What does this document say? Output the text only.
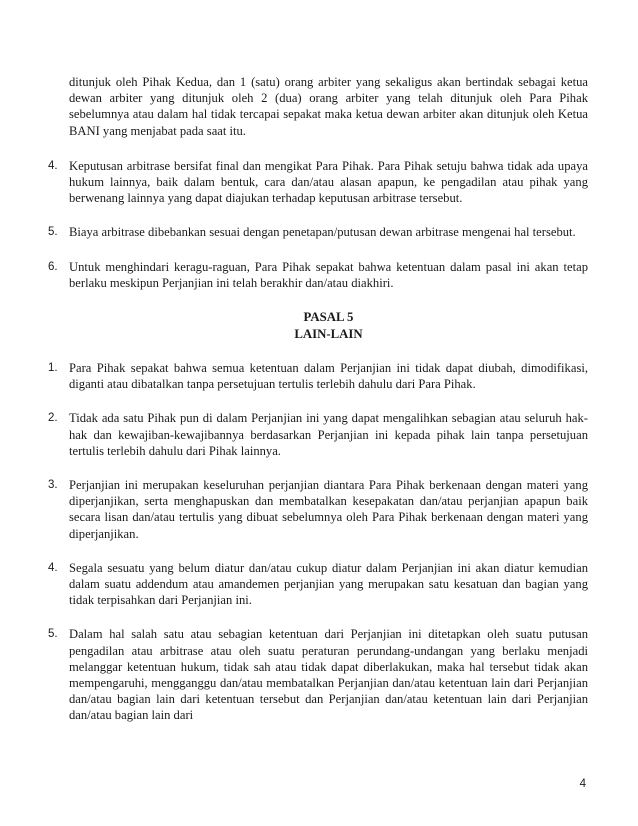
ditunjuk oleh Pihak Kedua, dan 1 (satu) orang arbiter yang sekaligus akan bertindak sebagai ketua dewan arbiter yang ditunjuk oleh 2 (dua) orang arbiter yang telah ditunjuk oleh Para Pihak sebelumnya atau dalam hal tidak tercapai sepakat maka ketua dewan arbiter akan ditunjuk oleh Ketua BANI yang menjabat pada saat itu.

4. Keputusan arbitrase bersifat final dan mengikat Para Pihak. Para Pihak setuju bahwa tidak ada upaya hukum lainnya, baik dalam bentuk, cara dan/atau alasan apapun, ke pengadilan atau pihak yang berwenang lainnya yang dapat diajukan terhadap keputusan arbitrase tersebut.

5. Biaya arbitrase dibebankan sesuai dengan penetapan/putusan dewan arbitrase mengenai hal tersebut.

6. Untuk menghindari keragu-raguan, Para Pihak sepakat bahwa ketentuan dalam pasal ini akan tetap berlaku meskipun Perjanjian ini telah berakhir dan/atau diakhiri.

PASAL 5

LAIN-LAIN

1. Para Pihak sepakat bahwa semua ketentuan dalam Perjanjian ini tidak dapat diubah, dimodifikasi, diganti atau dibatalkan tanpa persetujuan tertulis terlebih dahulu dari Para Pihak.

2. Tidak ada satu Pihak pun di dalam Perjanjian ini yang dapat mengalihkan sebagian atau seluruh hak-hak dan kewajiban-kewajibannya berdasarkan Perjanjian ini kepada pihak lain tanpa persetujuan tertulis terlebih dahulu dari Pihak lainnya.

3. Perjanjian ini merupakan keseluruhan perjanjian diantara Para Pihak berkenaan dengan materi yang diperjanjikan, serta menghapuskan dan membatalkan kesepakatan dan/atau perjanjian apapun baik secara lisan dan/atau tertulis yang dibuat sebelumnya oleh Para Pihak berkenaan dengan materi yang diperjanjikan.

4. Segala sesuatu yang belum diatur dan/atau cukup diatur dalam Perjanjian ini akan diatur kemudian dalam suatu addendum atau amandemen perjanjian yang merupakan satu kesatuan dan bagian yang tidak terpisahkan dari Perjanjian ini.

5. Dalam hal salah satu atau sebagian ketentuan dari Perjanjian ini ditetapkan oleh suatu putusan pengadilan atau arbitrase atau oleh suatu peraturan perundang-undangan yang berlaku menjadi melanggar ketentuan hukum, tidak sah atau tidak dapat diberlakukan, maka hal tersebut tidak akan mempengaruhi, mengganggu dan/atau membatalkan Perjanjian dan/atau ketentuan lain dari Perjanjian dan/atau bagian lain dari ketentuan tersebut dan Perjanjian dan/atau ketentuan lain dari Perjanjian dan/atau bagian lain dari

4
